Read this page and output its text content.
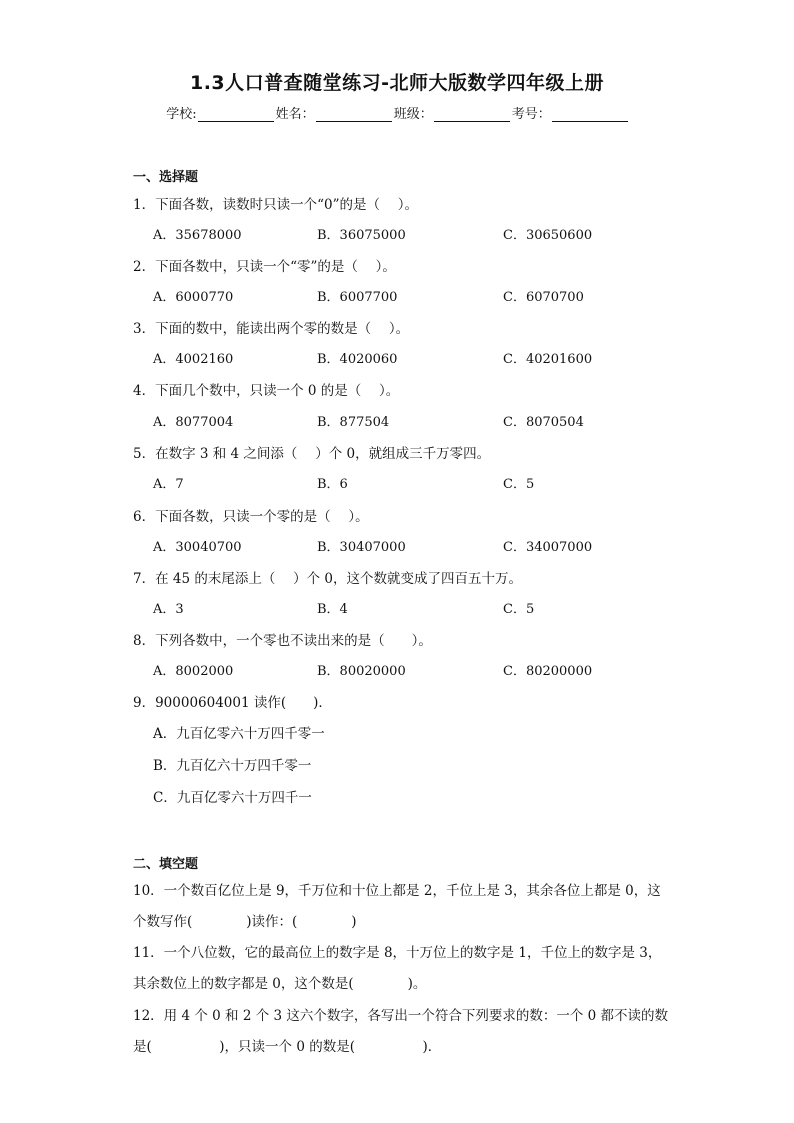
1.3人口普查随堂练习-北师大版数学四年级上册
学校:	姓名：	班级：	考号：
一、选择题
1．下面各数，读数时只读一个“0”的是（　 ）。
A．35678000	B．36075000	C．30650600
2．下面各数中，只读一个“零”的是（　 ）。
A．6000770	B．6007700	C．6070700
3．下面的数中，能读出两个零的数是（　 ）。
A．4002160	B．4020060	C．40201600
4．下面几个数中，只读一个 0 的是（　 ）。
A．8077004	B．877504	C．8070504
5．在数字 3 和 4 之间添（　 ）个 0，就组成三千万零四。
A．7	B．6	C．5
6．下面各数，只读一个零的是（　 ）。
A．30040700	B．30407000	C．34007000
7．在 45 的末尾添上（　 ）个 0，这个数就变成了四百五十万。
A．3	B．4	C．5
8．下列各数中，一个零也不读出来的是（　　）。
A．8002000	B．80020000	C．80200000
9．90000604001 读作(　　)．
A．九百亿零六十万四千零一
B．九百亿六十万四千零一
C．九百亿零六十万四千一
二、填空题
10．一个数百亿位上是 9，千万位和十位上都是 2，千位上是 3，其余各位上都是 0，这
个数写作(　　　　)读作：(　　　　)
11．一个八位数，它的最高位上的数字是 8，十万位上的数字是 1，千位上的数字是 3，
其余数位上的数字都是 0，这个数是(　　　　)。
12．用 4 个 0 和 2 个 3 这六个数字，各写出一个符合下列要求的数：一个 0 都不读的数
是(　　　　　)，只读一个 0 的数是(　　　　　)．
